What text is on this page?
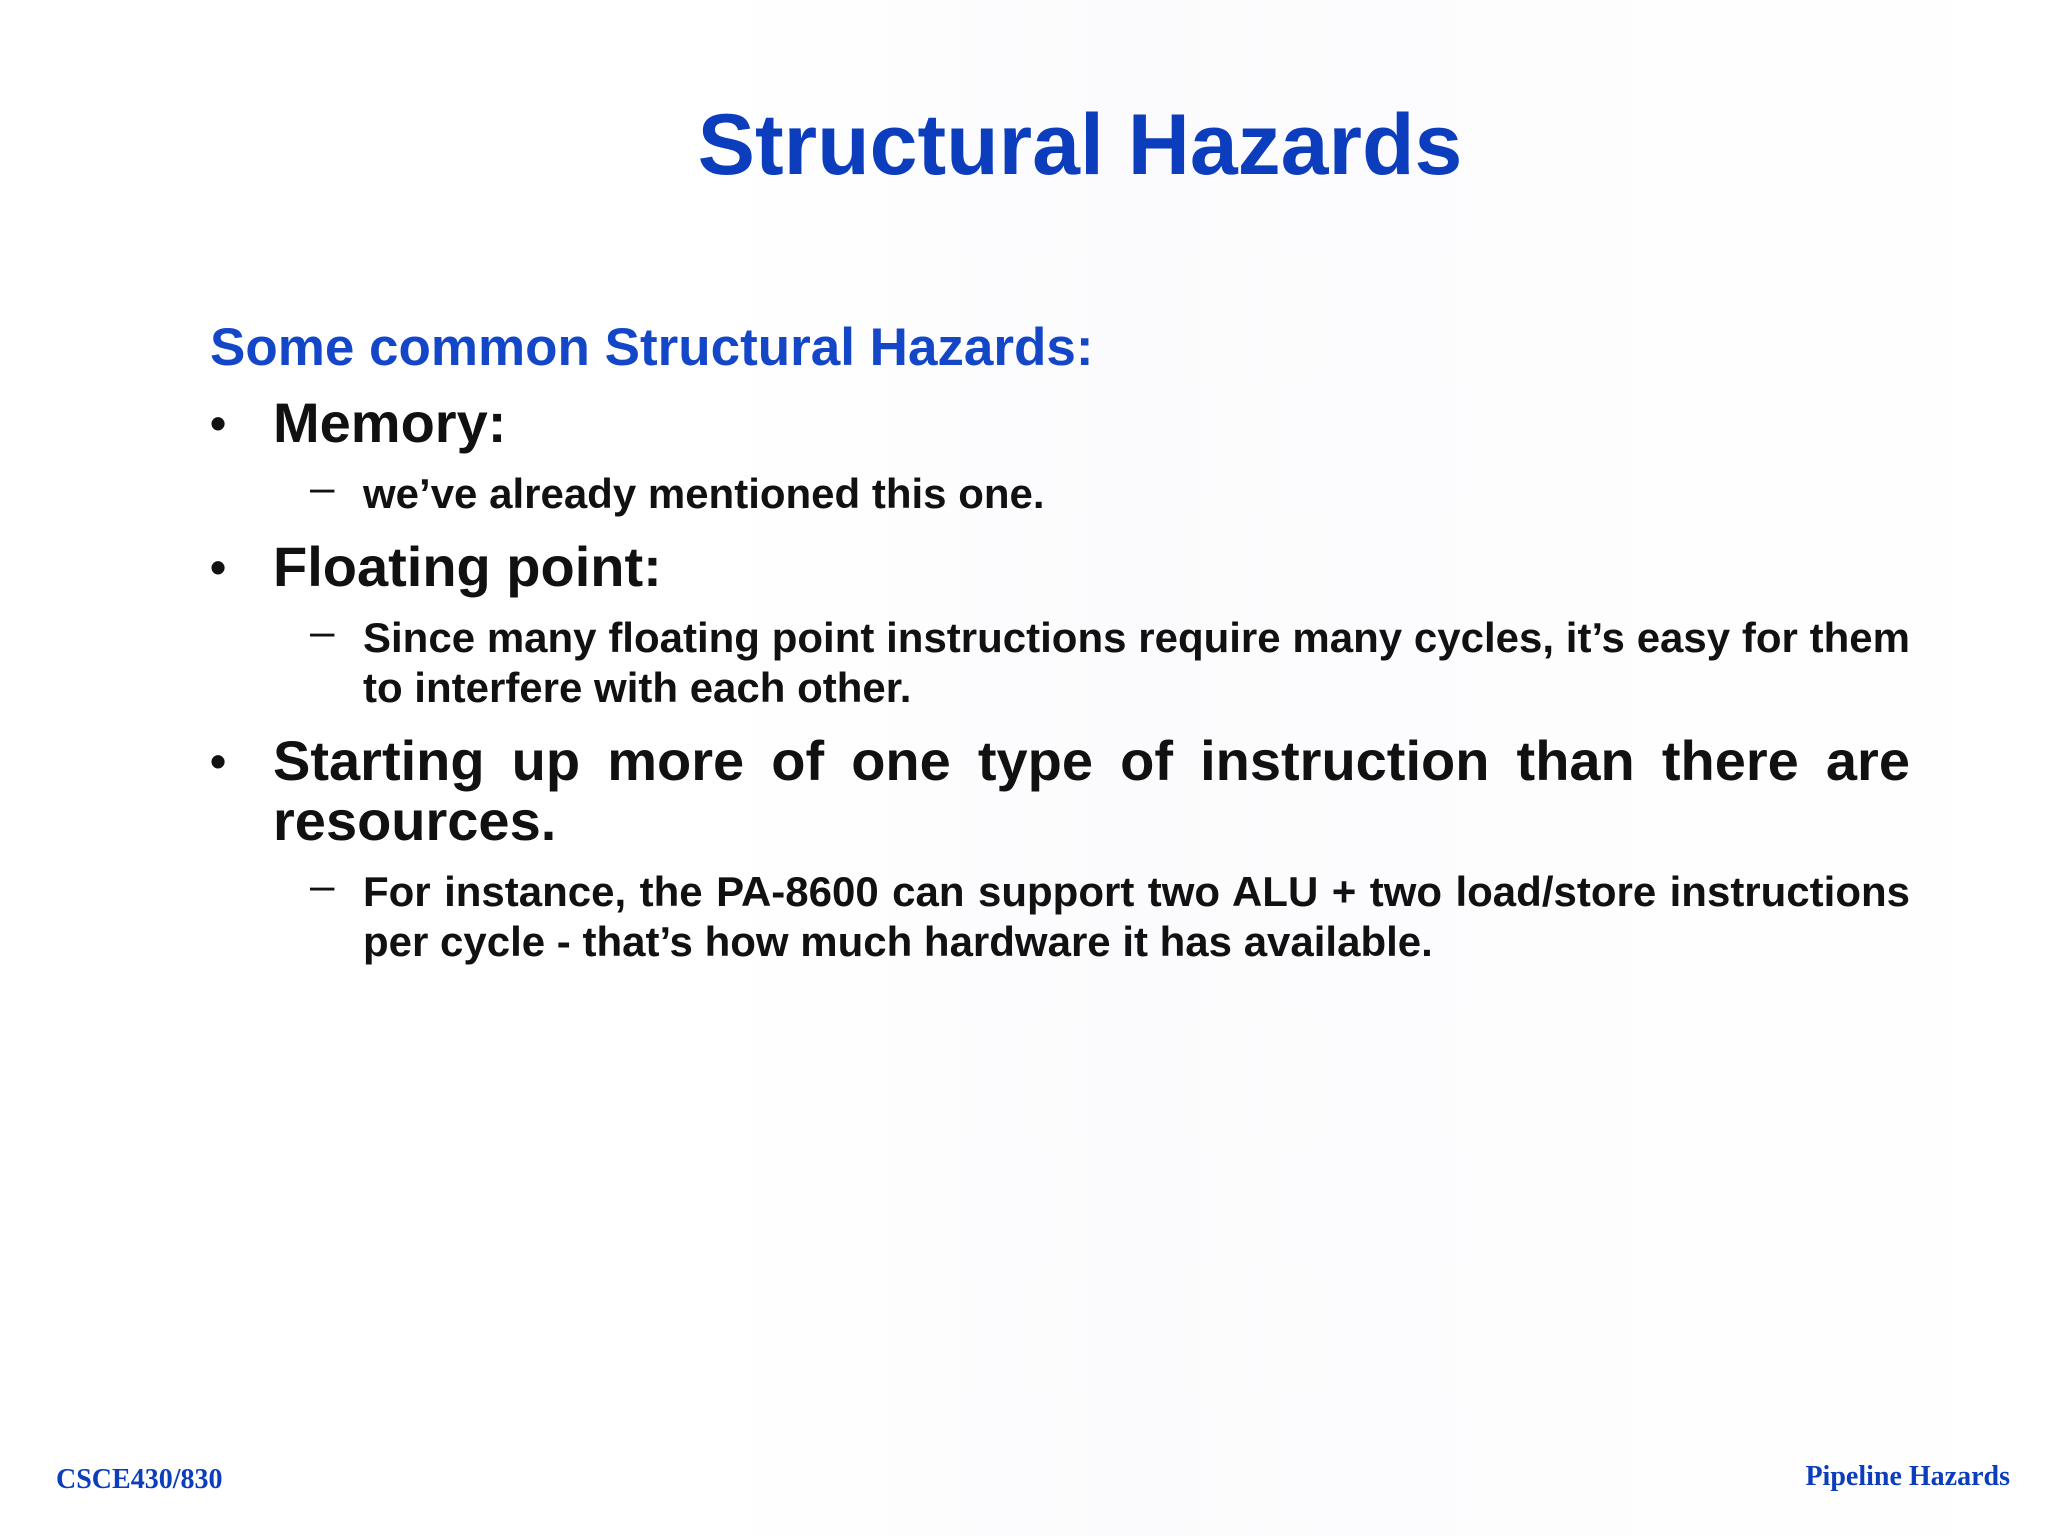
Structural Hazards
Some common Structural Hazards:
• Memory:
– we’ve already mentioned this one.
• Floating point:
– Since many floating point instructions require many cycles, it’s easy for them to interfere with each other.
• Starting up more of one type of instruction than there are resources.
– For instance, the PA-8600 can support two ALU + two load/store instructions per cycle - that’s how much hardware it has available.
CSCE430/830	Pipeline Hazards
